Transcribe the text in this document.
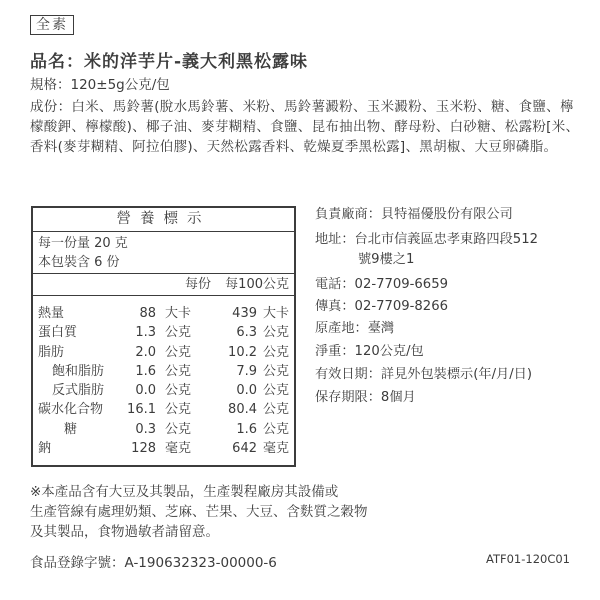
全素
品名：米的洋芋片-義大利黑松露味
規格：120±5g公克/包
成份：白米、馬鈴薯(脫水馬鈴薯、米粉、馬鈴薯澱粉、玉米澱粉、玉米粉、糖、食鹽、檸檬酸鉀、檸檬酸)、椰子油、麥芽糊精、食鹽、昆布抽出物、酵母粉、白砂糖、松露粉[米、香料(麥芽糊精、阿拉伯膠)、天然松露香料、乾燥夏季黑松露]、黑胡椒、大豆卵磷脂。
營養標示
每一份量 20 克
本包裝含 6 份
每份 每100公克
熱量	88 大卡	439 大卡
蛋白質	1.3 公克	6.3 公克
脂肪	2.0 公克	10.2 公克
飽和脂肪 1.6 公克	7.9 公克
反式脂肪 0.0 公克	0.0 公克
碳水化合物 16.1 公克	80.4 公克
糖	0.3 公克	1.6 公克
鈉	128 毫克	642 毫克
負責廠商：貝特福優股份有限公司
地址：台北市信義區忠孝東路四段512
號9樓之1
電話：02-7709-6659
傳真：02-7709-8266
原產地：臺灣
淨重：120公克/包
有效日期：詳見外包裝標示(年/月/日)
保存期限：8個月
※本產品含有大豆及其製品，生產製程廠房其設備或
生產管線有處理奶類、芝麻、芒果、大豆、含麩質之穀物
及其製品，食物過敏者請留意。
食品登錄字號：A-190632323-00000-6	ATF01-120C01
